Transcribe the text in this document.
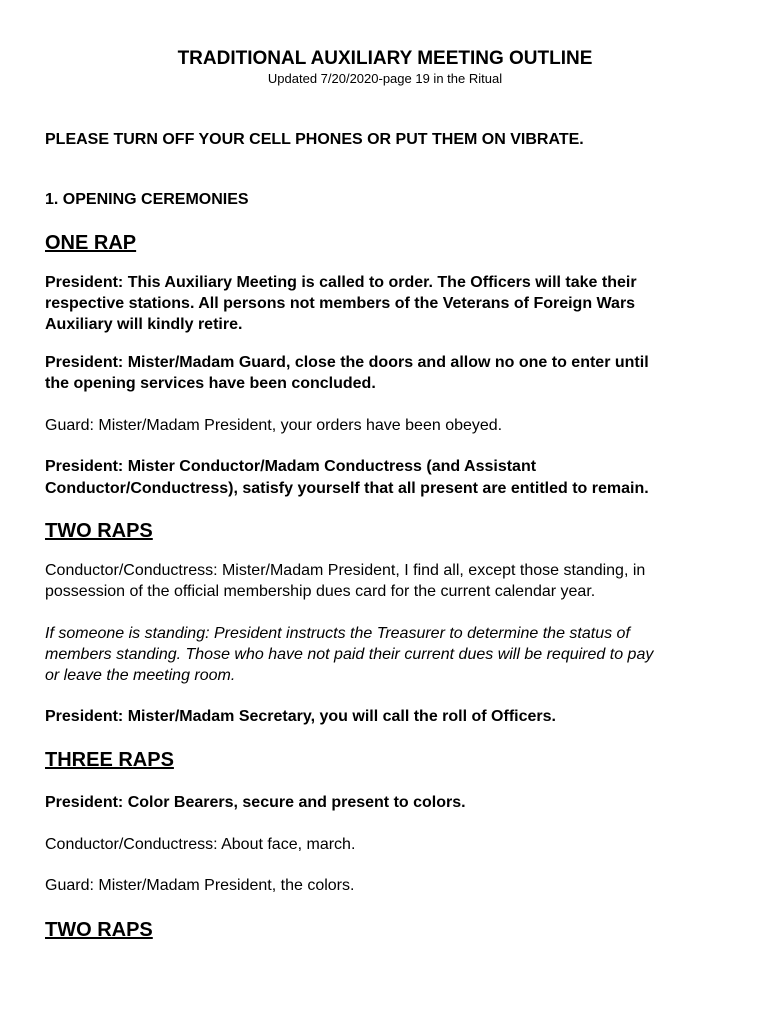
TRADITIONAL AUXILIARY MEETING OUTLINE
Updated 7/20/2020-page 19 in the Ritual
PLEASE TURN OFF YOUR CELL PHONES OR PUT THEM ON VIBRATE.
1. OPENING CEREMONIES
ONE RAP
President: This Auxiliary Meeting is called to order. The Officers will take their
respective stations. All persons not members of the Veterans of Foreign Wars
Auxiliary will kindly retire.
President: Mister/Madam Guard, close the doors and allow no one to enter until
the opening services have been concluded.
Guard: Mister/Madam President, your orders have been obeyed.
President: Mister Conductor/Madam Conductress (and Assistant
Conductor/Conductress), satisfy yourself that all present are entitled to remain.
TWO RAPS
Conductor/Conductress: Mister/Madam President, I find all, except those standing, in
possession of the official membership dues card for the current calendar year.
If someone is standing: President instructs the Treasurer to determine the status of
members standing. Those who have not paid their current dues will be required to pay
or leave the meeting room.
President: Mister/Madam Secretary, you will call the roll of Officers.
THREE RAPS
President: Color Bearers, secure and present to colors.
Conductor/Conductress: About face, march.
Guard: Mister/Madam President, the colors.
TWO RAPS
